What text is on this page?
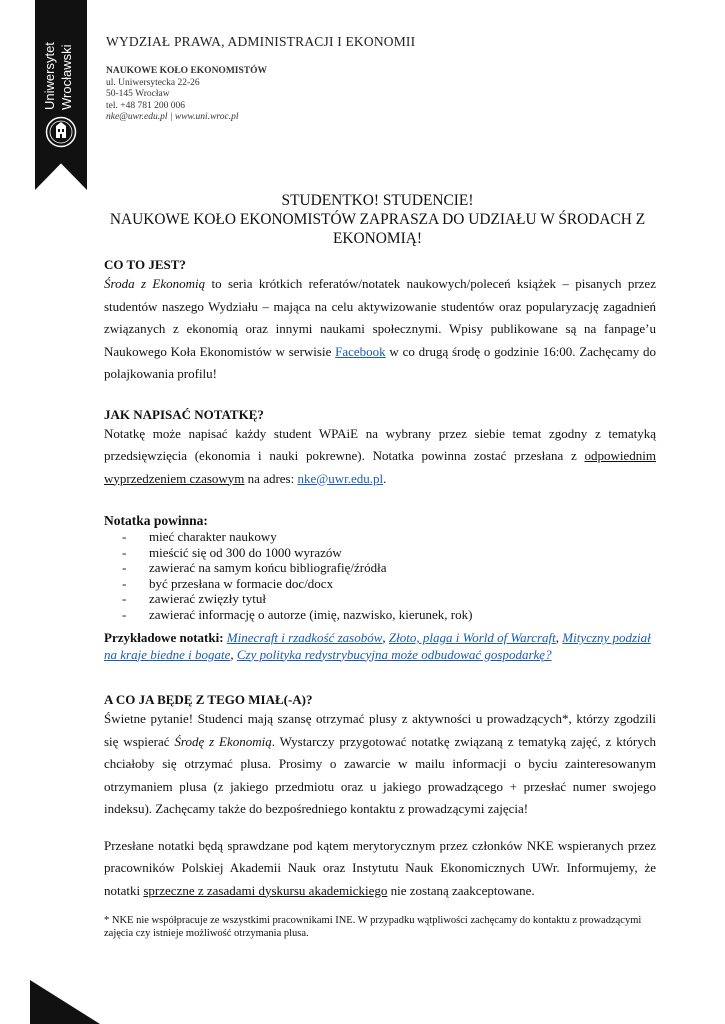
Uniwersytet Wrocławski
WYDZIAŁ PRAWA, ADMINISTRACJI I EKONOMII
NAUKOWE KOŁO EKONOMISTÓW
ul. Uniwersytecka 22-26
50-145 Wrocław
tel. +48 781 200 006
nke@uwr.edu.pl | www.uni.wroc.pl
STUDENTKO! STUDENCIE!
NAUKOWE KOŁO EKONOMISTÓW ZAPRASZA DO UDZIAŁU W ŚRODACH Z EKONOMIĄ!
CO TO JEST?

Środa z Ekonomią to seria krótkich referatów/notatek naukowych/poleceń książek – pisanych przez studentów naszego Wydziału – mająca na celu aktywizowanie studentów oraz popularyzację zagadnień związanych z ekonomią oraz innymi naukami społecznymi. Wpisy publikowane są na fanpage’u Naukowego Koła Ekonomistów w serwisie Facebook w co drugą środę o godzinie 16:00. Zachęcamy do polajkowania profilu!

JAK NAPISAĆ NOTATKĘ?

Notatkę może napisać każdy student WPAiE na wybrany przez siebie temat zgodny z tematyką przedsięwzięcia (ekonomia i nauki pokrewne). Notatka powinna zostać przesłana z odpowiednim wyprzedzeniem czasowym na adres: nke@uwr.edu.pl.

Notatka powinna:
- mieć charakter naukowy
- mieścić się od 300 do 1000 wyrazów
- zawierać na samym końcu bibliografię/źródła
- być przesłana w formacie doc/docx
- zawierać zwięzły tytuł
- zawierać informację o autorze (imię, nazwisko, kierunek, rok)

Przykładowe notatki: Minecraft i rzadkość zasobów, Złoto, plaga i World of Warcraft, Mityczny podział na kraje biedne i bogate, Czy polityka redystrybucyjna może odbudować gospodarkę?

A CO JA BĘDĘ Z TEGO MIAŁ(-A)?

Świetne pytanie! Studenci mają szansę otrzymać plusy z aktywności u prowadzących*, którzy zgodzili się wspierać Środę z Ekonomią. Wystarczy przygotować notatkę związaną z tematyką zajęć, z których chciałoby się otrzymać plusa. Prosimy o zawarcie w mailu informacji o byciu zainteresowanym otrzymaniem plusa (z jakiego przedmiotu oraz u jakiego prowadzącego + przesłać numer swojego indeksu). Zachęcamy także do bezpośredniego kontaktu z prowadzącymi zajęcia!

Przesłane notatki będą sprawdzane pod kątem merytorycznym przez członków NKE wspieranych przez pracowników Polskiej Akademii Nauk oraz Instytutu Nauk Ekonomicznych UWr. Informujemy, że notatki sprzeczne z zasadami dyskursu akademickiego nie zostaną zaakceptowane.

* NKE nie współpracuje ze wszystkimi pracownikami INE. W przypadku wątpliwości zachęcamy do kontaktu z prowadzącymi zajęcia czy istnieje możliwość otrzymania plusa.
